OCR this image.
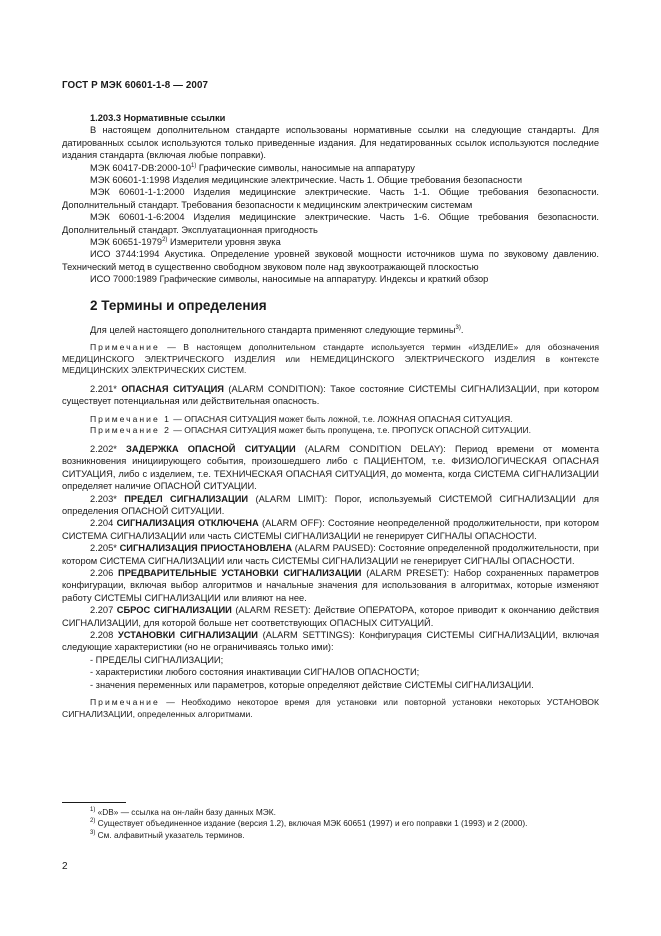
ГОСТ Р МЭК 60601-1-8 — 2007

1.203.3 Нормативные ссылки

В настоящем дополнительном стандарте использованы нормативные ссылки на следующие стандарты. Для датированных ссылок используются только приведенные издания. Для недатированных ссылок используются последние издания стандарта (включая любые поправки).

МЭК 60417-DB:2000-10$^{1)}$ Графические символы, наносимые на аппаратуру

МЭК 60601-1:1998 Изделия медицинские электрические. Часть 1. Общие требования безопасности

МЭК 60601-1-1:2000 Изделия медицинские электрические. Часть 1-1. Общие требования безопасности. Дополнительный стандарт. Требования безопасности к медицинским электрическим системам

МЭК 60601-1-6:2004 Изделия медицинские электрические. Часть 1-6. Общие требования безопасности. Дополнительный стандарт. Эксплуатационная пригодность

МЭК 60651-1979$^{2)}$ Измерители уровня звука

ИСО 3744:1994 Акустика. Определение уровней звуковой мощности источников шума по звуковому давлению. Технический метод в существенно свободном звуковом поле над звукоотражающей плоскостью

ИСО 7000:1989 Графические символы, наносимые на аппаратуру. Индексы и краткий обзор

2 Термины и определения

Для целей настоящего дополнительного стандарта применяют следующие термины$^{3)}$.

Примечание — В настоящем дополнительном стандарте используется термин «ИЗДЕЛИЕ» для обозначения МЕДИЦИНСКОГО ЭЛЕКТРИЧЕСКОГО ИЗДЕЛИЯ или НЕМЕДИЦИНСКОГО ЭЛЕКТРИЧЕСКОГО ИЗДЕЛИЯ в контексте МЕДИЦИНСКИХ ЭЛЕКТРИЧЕСКИХ СИСТЕМ.

2.201* ОПАСНАЯ СИТУАЦИЯ (ALARM CONDITION): Такое состояние СИСТЕМЫ СИГНАЛИЗАЦИИ, при котором существует потенциальная или действительная опасность.

Примечание 1 — ОПАСНАЯ СИТУАЦИЯ может быть ложной, т.е. ЛОЖНАЯ ОПАСНАЯ СИТУАЦИЯ.

Примечание 2 — ОПАСНАЯ СИТУАЦИЯ может быть пропущена, т.е. ПРОПУСК ОПАСНОЙ СИТУАЦИИ.

2.202* ЗАДЕРЖКА ОПАСНОЙ СИТУАЦИИ (ALARM CONDITION DELAY): Период времени от момента возникновения инициирующего события, произошедшего либо с ПАЦИЕНТОМ, т.е. ФИЗИОЛОГИЧЕСКАЯ ОПАСНАЯ СИТУАЦИЯ, либо с изделием, т.е. ТЕХНИЧЕСКАЯ ОПАСНАЯ СИТУАЦИЯ, до момента, когда СИСТЕМА СИГНАЛИЗАЦИИ определяет наличие ОПАСНОЙ СИТУАЦИИ.

2.203* ПРЕДЕЛ СИГНАЛИЗАЦИИ (ALARM LIMIT): Порог, используемый СИСТЕМОЙ СИГНАЛИЗАЦИИ для определения ОПАСНОЙ СИТУАЦИИ.

2.204 СИГНАЛИЗАЦИЯ ОТКЛЮЧЕНА (ALARM OFF): Состояние неопределенной продолжительности, при котором СИСТЕМА СИГНАЛИЗАЦИИ или часть СИСТЕМЫ СИГНАЛИЗАЦИИ не генерирует СИГНАЛЫ ОПАСНОСТИ.

2.205* СИГНАЛИЗАЦИЯ ПРИОСТАНОВЛЕНА (ALARM PAUSED): Состояние определенной продолжительности, при котором СИСТЕМА СИГНАЛИЗАЦИИ или часть СИСТЕМЫ СИГНАЛИЗАЦИИ не генерирует СИГНАЛЫ ОПАСНОСТИ.

2.206 ПРЕДВАРИТЕЛЬНЫЕ УСТАНОВКИ СИГНАЛИЗАЦИИ (ALARM PRESET): Набор сохраненных параметров конфигурации, включая выбор алгоритмов и начальные значения для использования в алгоритмах, которые изменяют работу СИСТЕМЫ СИГНАЛИЗАЦИИ или влияют на нее.

2.207 СБРОС СИГНАЛИЗАЦИИ (ALARM RESET): Действие ОПЕРАТОРА, которое приводит к окончанию действия СИГНАЛИЗАЦИИ, для которой больше нет соответствующих ОПАСНЫХ СИТУАЦИЙ.

2.208 УСТАНОВКИ СИГНАЛИЗАЦИИ (ALARM SETTINGS): Конфигурация СИСТЕМЫ СИГНАЛИЗАЦИИ, включая следующие характеристики (но не ограничиваясь только ими):

- ПРЕДЕЛЫ СИГНАЛИЗАЦИИ;

- характеристики любого состояния инактивации СИГНАЛОВ ОПАСНОСТИ;

- значения переменных или параметров, которые определяют действие СИСТЕМЫ СИГНАЛИЗАЦИИ.

Примечание — Необходимо некоторое время для установки или повторной установки некоторых УСТАНОВОК СИГНАЛИЗАЦИИ, определенных алгоритмами.

$^{1)}$ «DB» — ссылка на он-лайн базу данных МЭК.

$^{2)}$ Существует объединенное издание (версия 1.2), включая МЭК 60651 (1997) и его поправки 1 (1993) и 2 (2000).

$^{3)}$ См. алфавитный указатель терминов.

2
